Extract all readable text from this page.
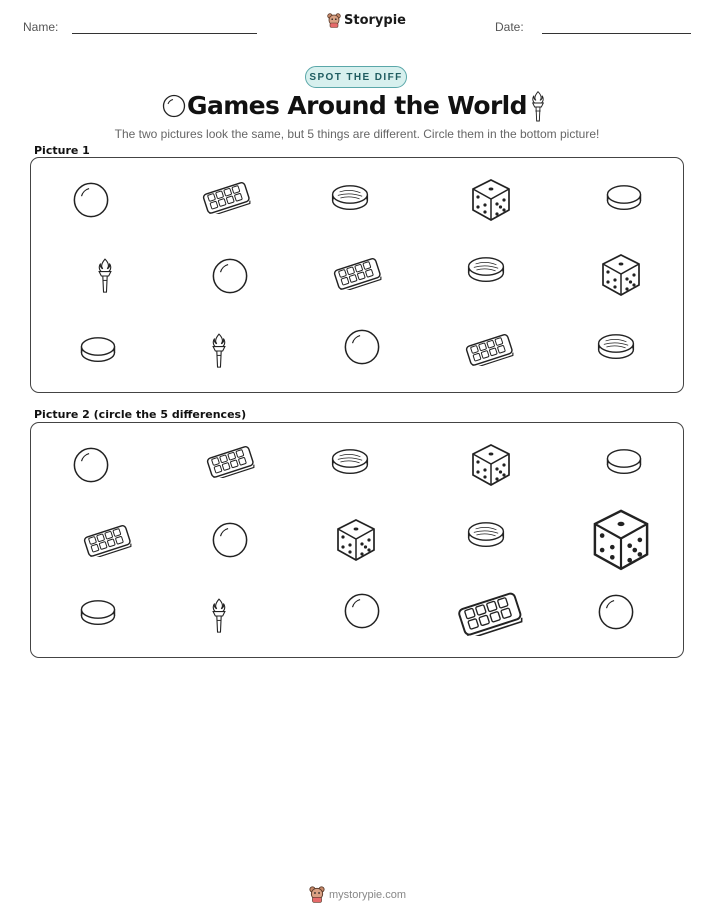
Name:	Storypie	Date:
SPOT THE DIFF
Games Around the World
The two pictures look the same, but 5 things are different. Circle them in the bottom picture!
Picture 1
Picture 2 (circle the 5 differences)
mystorypie.com
